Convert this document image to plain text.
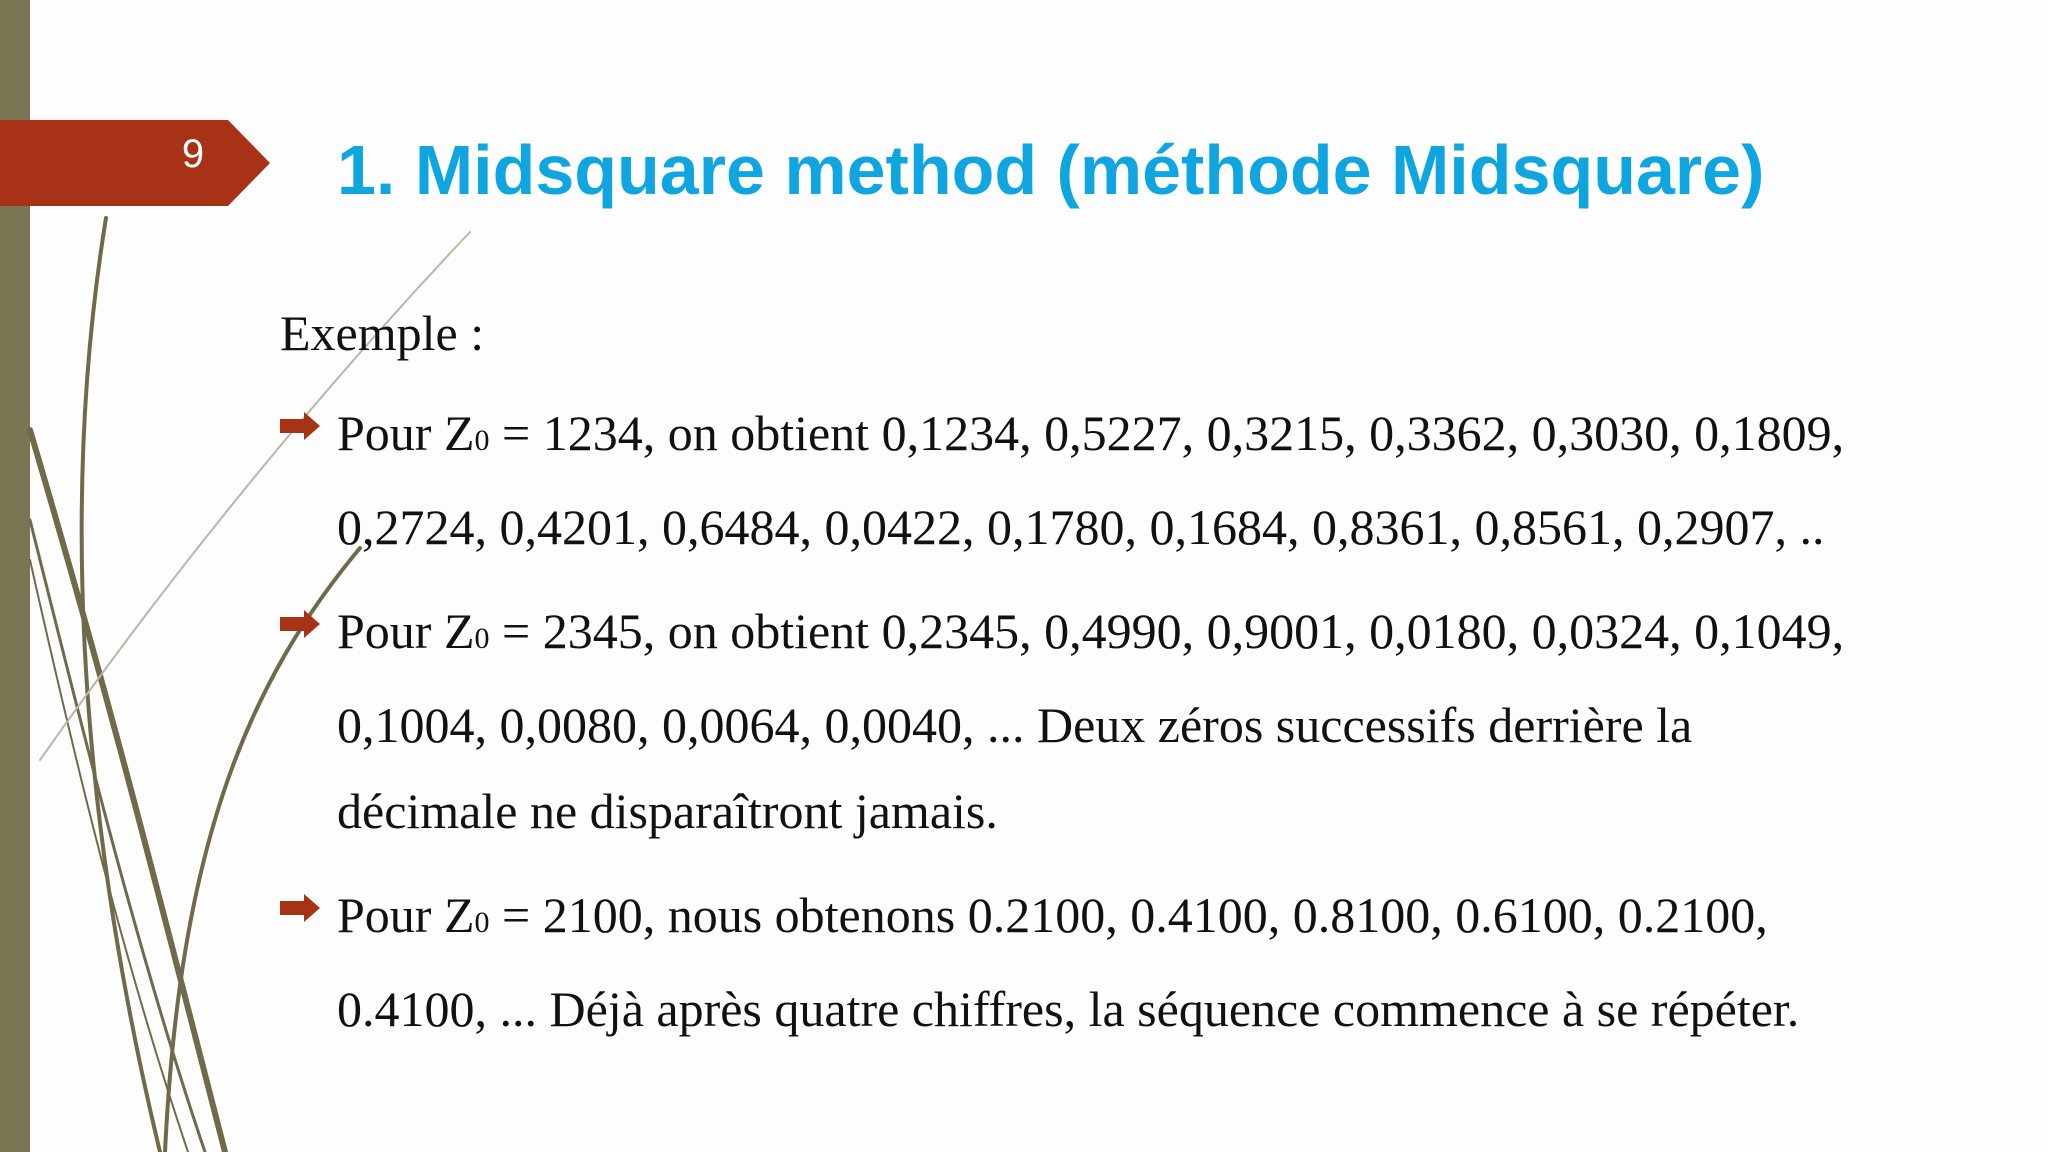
9 1. Midsquare method (méthode Midsquare)

Exemple :

Pour Z0 = 1234, on obtient 0,1234, 0,5227, 0,3215, 0,3362, 0,3030, 0,1809,
0,2724, 0,4201, 0,6484, 0,0422, 0,1780, 0,1684, 0,8361, 0,8561, 0,2907, ..
Pour Z0 = 2345, on obtient 0,2345, 0,4990, 0,9001, 0,0180, 0,0324, 0,1049,
0,1004, 0,0080, 0,0064, 0,0040, ... Deux zéros successifs derrière la
décimale ne disparaîtront jamais.
Pour Z0 = 2100, nous obtenons 0.2100, 0.4100, 0.8100, 0.6100, 0.2100,
0.4100, ... Déjà après quatre chiffres, la séquence commence à se répéter.
